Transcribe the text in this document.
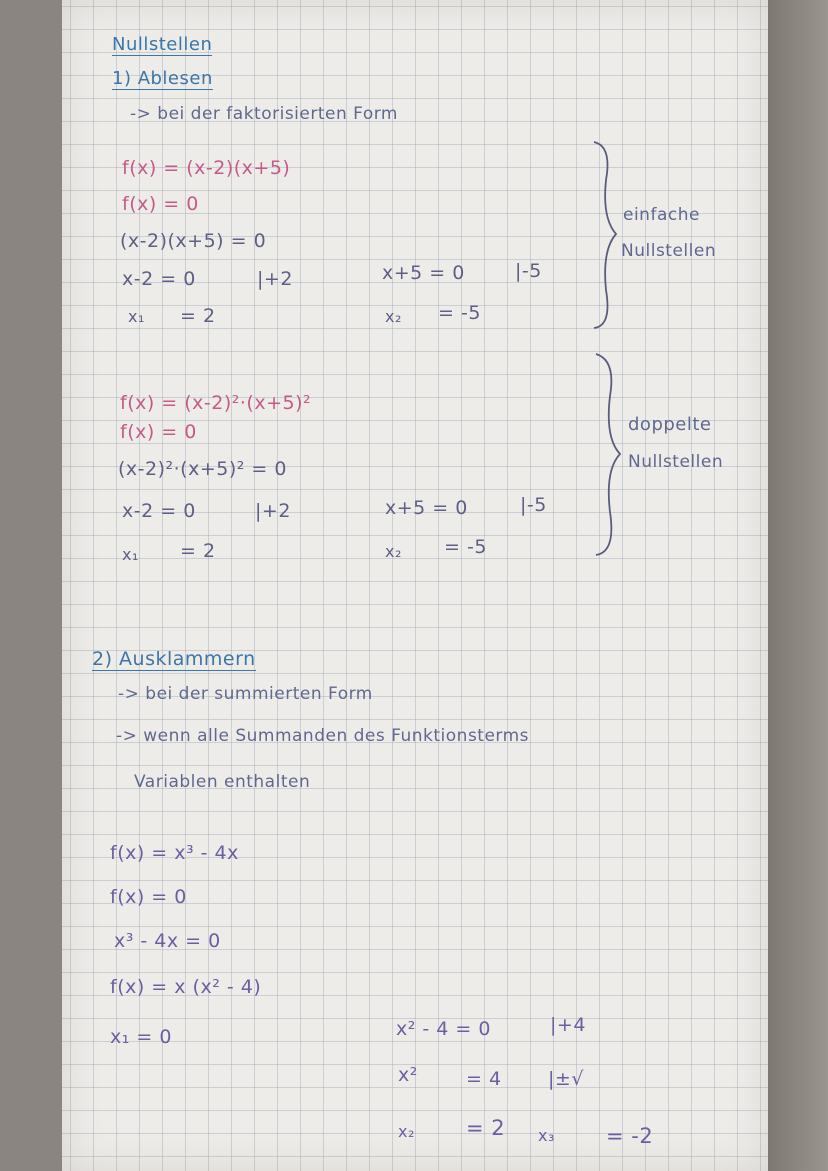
Nullstellen
1) Ablesen
-> bei der faktorisierten Form
f(x) = (x-2)(x+5)
f(x) = 0
(x-2)(x+5) = 0
x-2 = 0	|+2	x+5 = 0	|-5
x₁ = 2	x₂ = -5
einfache
Nullstellen
f(x) = (x-2)²·(x+5)²
f(x) = 0
(x-2)²·(x+5)² = 0
x-2 = 0	|+2	x+5 = 0	|-5
x₁ = 2	x₂ = -5
doppelte
Nullstellen
2) Ausklammern
-> bei der summierten Form
-> wenn alle Summanden des Funktionsterms
Variablen enthalten
f(x) = x³ - 4x
f(x) = 0
x³ - 4x = 0
f(x) = x (x² - 4)
x₁ = 0	x² - 4 = 0	|+4
x²	= 4 |±√
x₂ = 2 x₃ = -2
